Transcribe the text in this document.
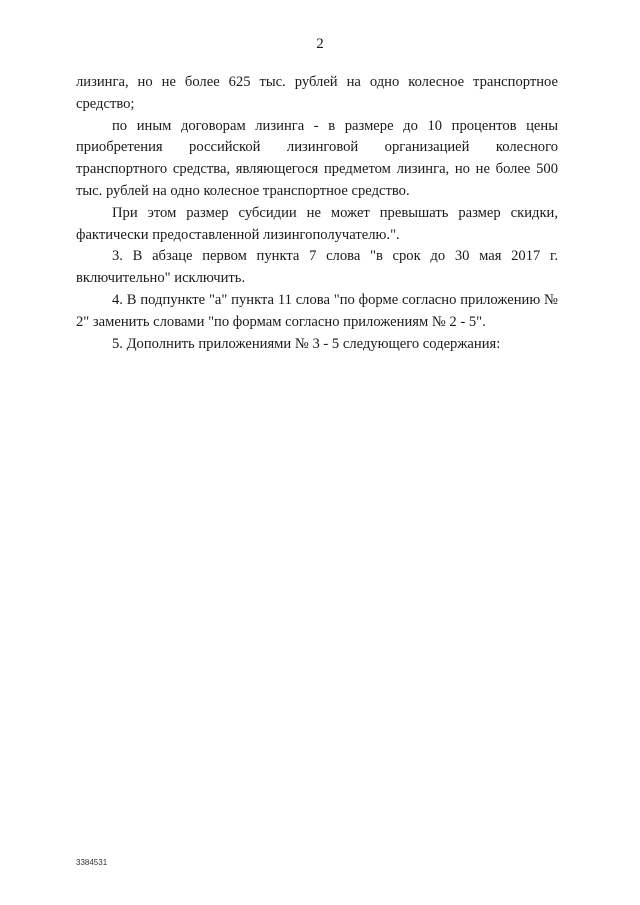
2

лизинга, но не более 625 тыс. рублей на одно колесное транспортное средство;

по иным договорам лизинга - в размере до 10 процентов цены приобретения российской лизинговой организацией колесного транспортного средства, являющегося предметом лизинга, но не более 500 тыс. рублей на одно колесное транспортное средство.

При этом размер субсидии не может превышать размер скидки, фактически предоставленной лизингополучателю.".

3. В абзаце первом пункта 7 слова "в срок до 30 мая 2017 г. включительно" исключить.

4. В подпункте "а" пункта 11 слова "по форме согласно приложению № 2" заменить словами "по формам согласно приложениям № 2 - 5".

5. Дополнить приложениями № 3 - 5 следующего содержания:

3384531
